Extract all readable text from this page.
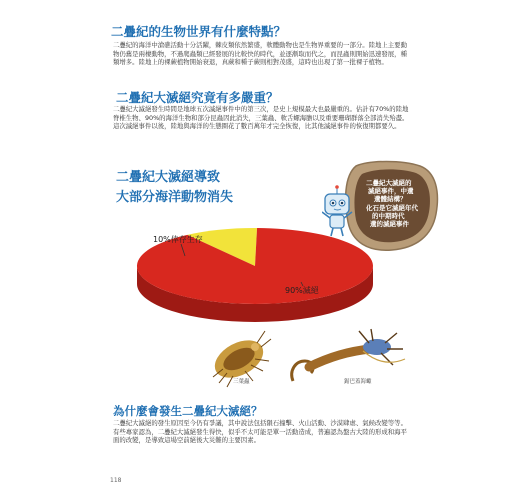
二疊紀的生物世界有什麼特點？
二疊紀的海洋中滄礁活動十分活躍，棘皮類依然繁盛，軟體動物也是生物界重要的一部分。陸地上主要動物仍舊是兩棲動物，不過爬蟲類已經發展的比較快的時代，並逐漸取而代之，而昆蟲則開始迅速發展，種類增多。陸地上的裸蕨植物開始衰退，真蕨和種子蕨則相對茂盛，這時也出現了第一批裸子植物。
二疊紀大滅絕究竟有多嚴重？
二疊紀大滅絕發生時間是地球五次滅絕事件中的第三次，是史上規模最大也最嚴重的。估計有70%的陸地脊椎生物、90%的海洋生物和部分昆蟲因此消失，三葉蟲、軟舌螺海膽以及重要珊瑚群落全部消失殆盡。這次滅絕事件以後，陸地與海洋的生態圈花了數百萬年才完全恢復，比其他滅絕事件的恢復期都要久。
二疊紀大滅絕導致
大部分海洋動物消失
二疊紀大滅絕的
滅絕事件，中遺
遺體結構？
化石是它滅絕年代
的中期時代
遺的滅絕事件
10%倖存生存
90%滅絕
三葉蟲	鋸巴蓋海蠍
為什麼會發生二疊紀大滅絕？
二疊紀大滅絕的發生原因至今仍有爭議，其中說法包括隕石撞擊、火山活動、沙漠肆虐、氣候改變等等。有些專家認為，二疊紀大滅絕發生得快，似乎不太可能是單一活動造成，普遍認為盤古大陸的形成和海平面的改變，是導致這場空前絕後大災難的主要因素。
118
